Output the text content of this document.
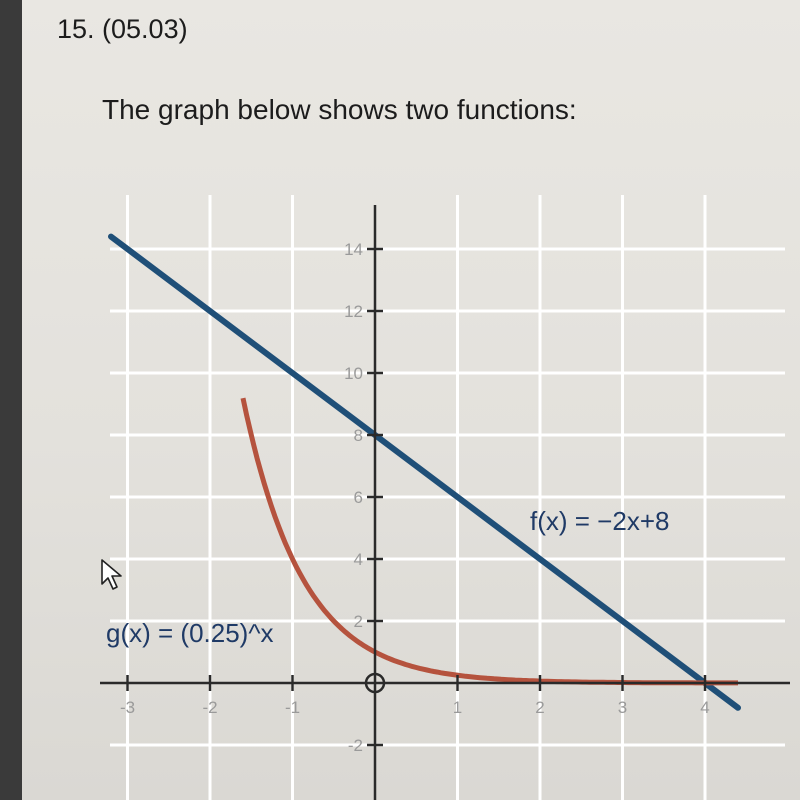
15. (05.03)
The graph below shows two functions:
-3	-2	-1	1	2	3	4
-2
2
4
6
8
10
12
14
f(x) = −2x+8
g(x) = (0.25)^x
